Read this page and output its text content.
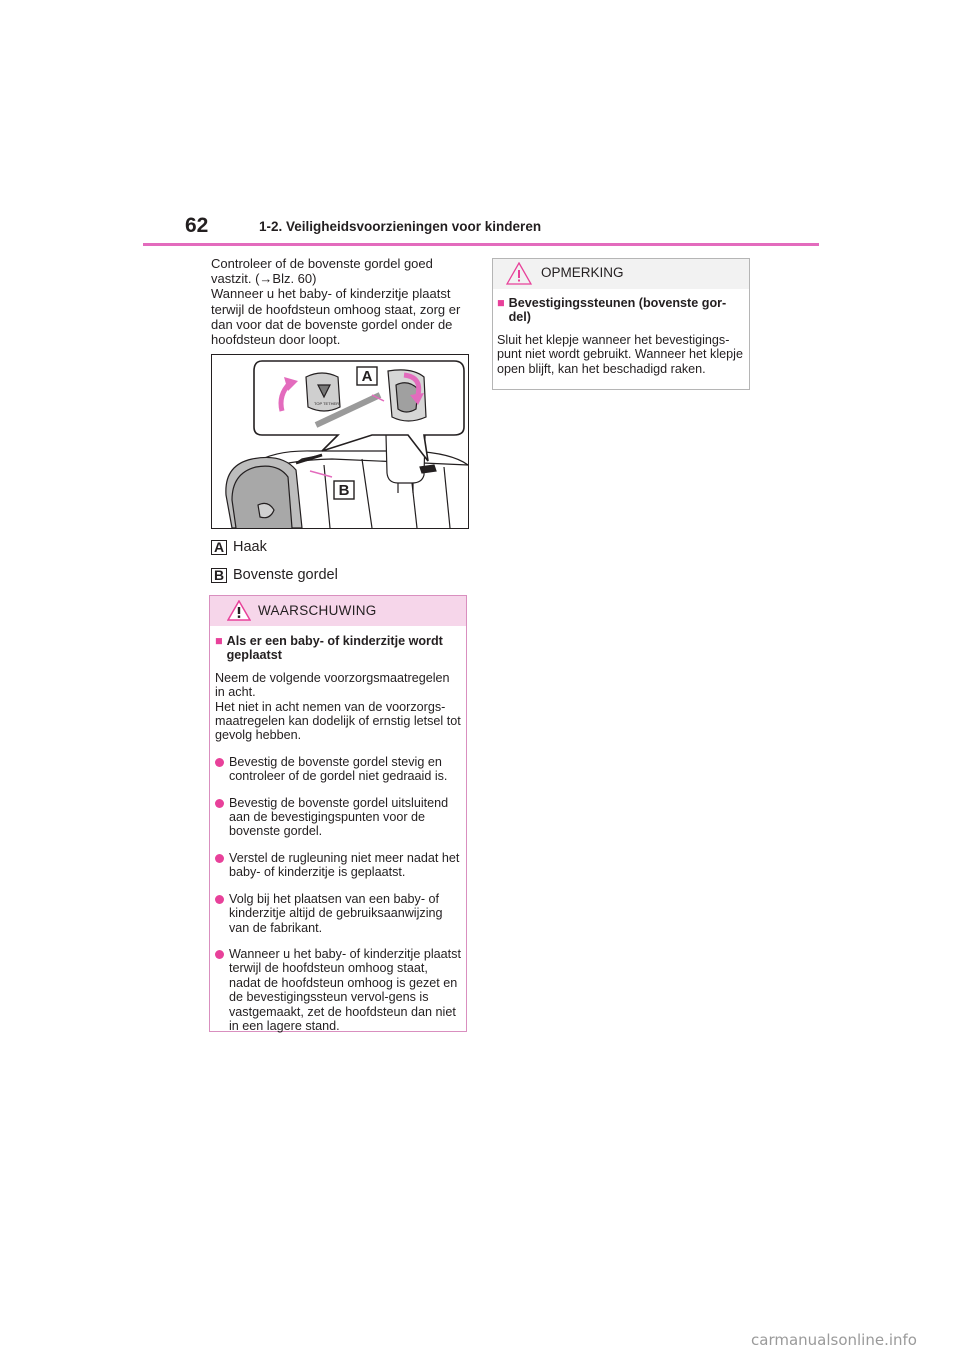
62	1-2. Veiligheidsvoorzieningen voor kinderen
Controleer of de bovenste gordel goed
vastzit. (→Blz. 60)
Wanneer u het baby- of kinderzitje plaatst
terwijl de hoofdsteun omhoog staat, zorg er
dan voor dat de bovenste gordel onder de
hoofdsteun door loopt.
A
B
TOP TETHER
A Haak
B Bovenste gordel
WAARSCHUWING
■ Als er een baby- of kinderzitje wordt geplaatst
Neem de volgende voorzorgsmaatregelen in acht.
Het niet in acht nemen van de voorzorgs-maatregelen kan dodelijk of ernstig letsel tot gevolg hebben.
Bevestig de bovenste gordel stevig en controleer of de gordel niet gedraaid is.
Bevestig de bovenste gordel uitsluitend aan de bevestigingspunten voor de bovenste gordel.
Verstel de rugleuning niet meer nadat het baby- of kinderzitje is geplaatst.
Volg bij het plaatsen van een baby- of kinderzitje altijd de gebruiksaanwijzing van de fabrikant.
Wanneer u het baby- of kinderzitje plaatst terwijl de hoofdsteun omhoog staat, nadat de hoofdsteun omhoog is gezet en de bevestigingssteun vervol-gens is vastgemaakt, zet de hoofdsteun dan niet in een lagere stand.
OPMERKING
■ Bevestigingssteunen (bovenste gor-del)
Sluit het klepje wanneer het bevestigings-punt niet wordt gebruikt. Wanneer het klepje open blijft, kan het beschadigd raken.
carmanualsonline.info
